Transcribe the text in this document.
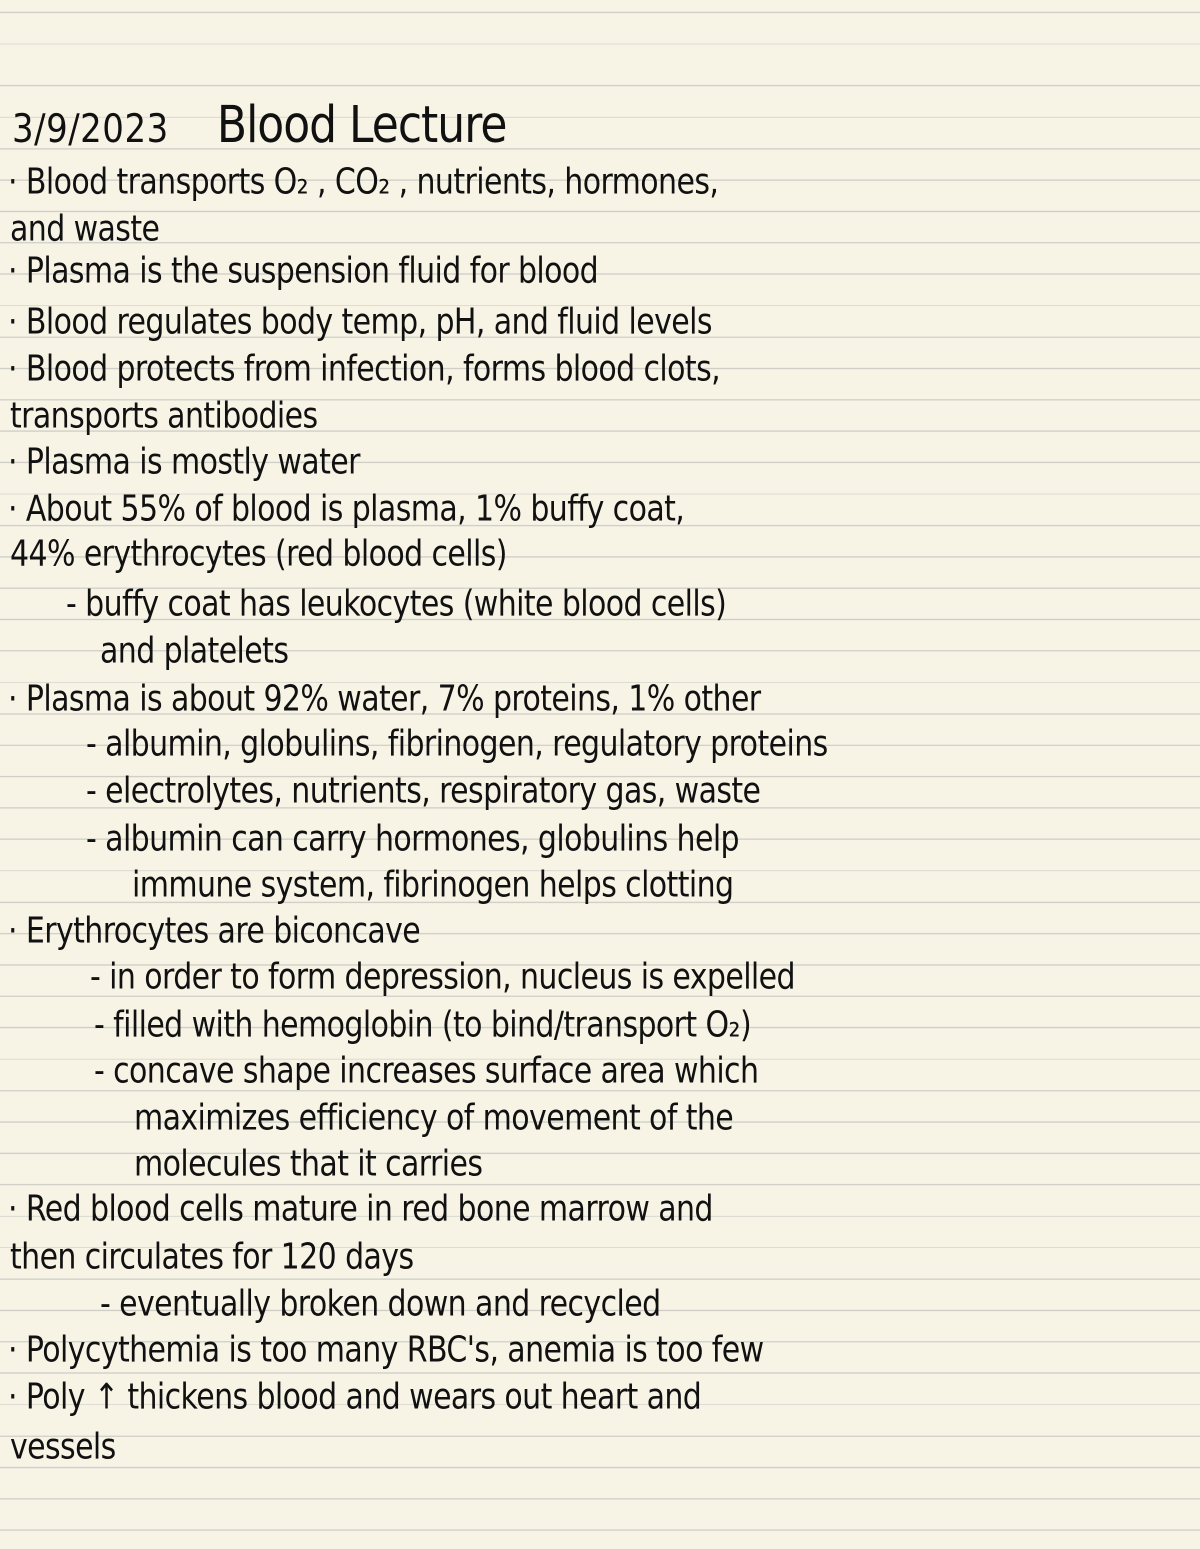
3/9/2023 Blood Lecture
· Blood transports O₂ , CO₂ , nutrients, hormones,
and waste
· Plasma is the suspension fluid for blood
· Blood regulates body temp, pH, and fluid levels
· Blood protects from infection, forms blood clots,
transports antibodies
· Plasma is mostly water
· About 55% of blood is plasma, 1% buffy coat,
44% erythrocytes (red blood cells)
- buffy coat has leukocytes (white blood cells)
and platelets
· Plasma is about 92% water, 7% proteins, 1% other
- albumin, globulins, fibrinogen, regulatory proteins
- electrolytes, nutrients, respiratory gas, waste
- albumin can carry hormones, globulins help
immune system, fibrinogen helps clotting
· Erythrocytes are biconcave
- in order to form depression, nucleus is expelled
- filled with hemoglobin (to bind/transport O₂)
- concave shape increases surface area which
maximizes efficiency of movement of the
molecules that it carries
· Red blood cells mature in red bone marrow and
then circulates for 120 days
- eventually broken down and recycled
· Polycythemia is too many RBC's, anemia is too few
· Poly ↑ thickens blood and wears out heart and
vessels
